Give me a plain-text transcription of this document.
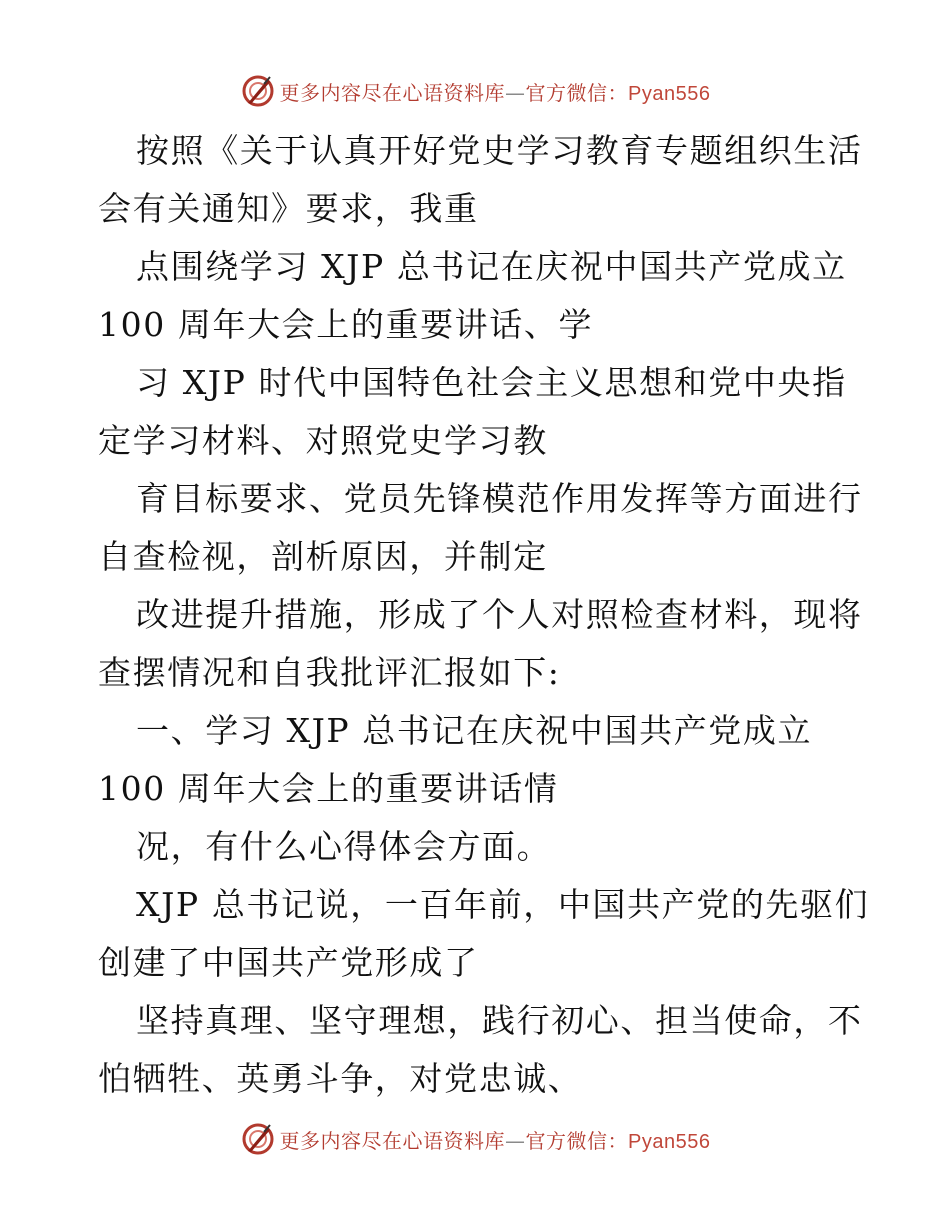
更多内容尽在心语资料库—官方微信：Pyan556
按照《关于认真开好党史学习教育专题组织生活
会有关通知》要求，我重
点围绕学习 XJP 总书记在庆祝中国共产党成立
100 周年大会上的重要讲话、学
习 XJP 时代中国特色社会主义思想和党中央指
定学习材料、对照党史学习教
育目标要求、党员先锋模范作用发挥等方面进行
自查检视，剖析原因，并制定
改进提升措施，形成了个人对照检查材料，现将
查摆情况和自我批评汇报如下:
一、学习 XJP 总书记在庆祝中国共产党成立
100 周年大会上的重要讲话情
况，有什么心得体会方面。
XJP 总书记说，一百年前，中国共产党的先驱们
创建了中国共产党形成了
坚持真理、坚守理想，践行初心、担当使命，不
怕牺牲、英勇斗争，对党忠诚、
更多内容尽在心语资料库—官方微信：Pyan556
